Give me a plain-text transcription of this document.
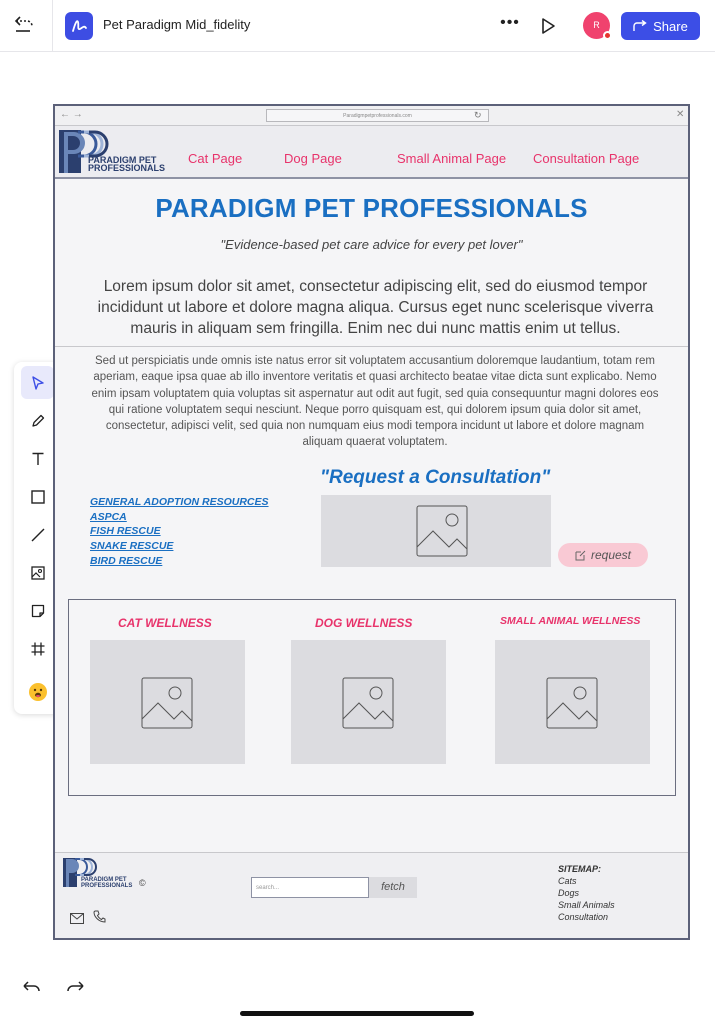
Pet Paradigm Mid_fidelity	•••	R	Share
← →	Paradigmpetprofessionals.com	↻	✕
PARADIGM PET
PROFESSIONALS
Cat Page	Dog Page	Small Animal Page Consultation Page
PARADIGM PET PROFESSIONALS
"Evidence-based pet care advice for every pet lover"
Lorem ipsum dolor sit amet, consectetur adipiscing elit, sed do eiusmod tempor incididunt ut labore et dolore magna aliqua. Cursus eget nunc scelerisque viverra mauris in aliquam sem fringilla. Enim nec dui nunc mattis enim ut tellus.
Sed ut perspiciatis unde omnis iste natus error sit voluptatem accusantium doloremque laudantium, totam rem aperiam, eaque ipsa quae ab illo inventore veritatis et quasi architecto beatae vitae dicta sunt explicabo. Nemo enim ipsam voluptatem quia voluptas sit aspernatur aut odit aut fugit, sed quia consequuntur magni dolores eos qui ratione voluptatem sequi nesciunt. Neque porro quisquam est, qui dolorem ipsum quia dolor sit amet, consectetur, adipisci velit, sed quia non numquam eius modi tempora incidunt ut labore et dolore magnam aliquam quaerat voluptatem.
GENERAL ADOPTION RESOURCES
ASPCA
FISH RESCUE
SNAKE RESCUE
BIRD RESCUE
"Request a Consultation"
request
CAT WELLNESS	DOG WELLNESS	SMALL ANIMAL WELLNESS
PARADIGM PET
PROFESSIONALS ©	search...	fetch
SITEMAP:
Cats
Dogs
Small Animals
Consultation
